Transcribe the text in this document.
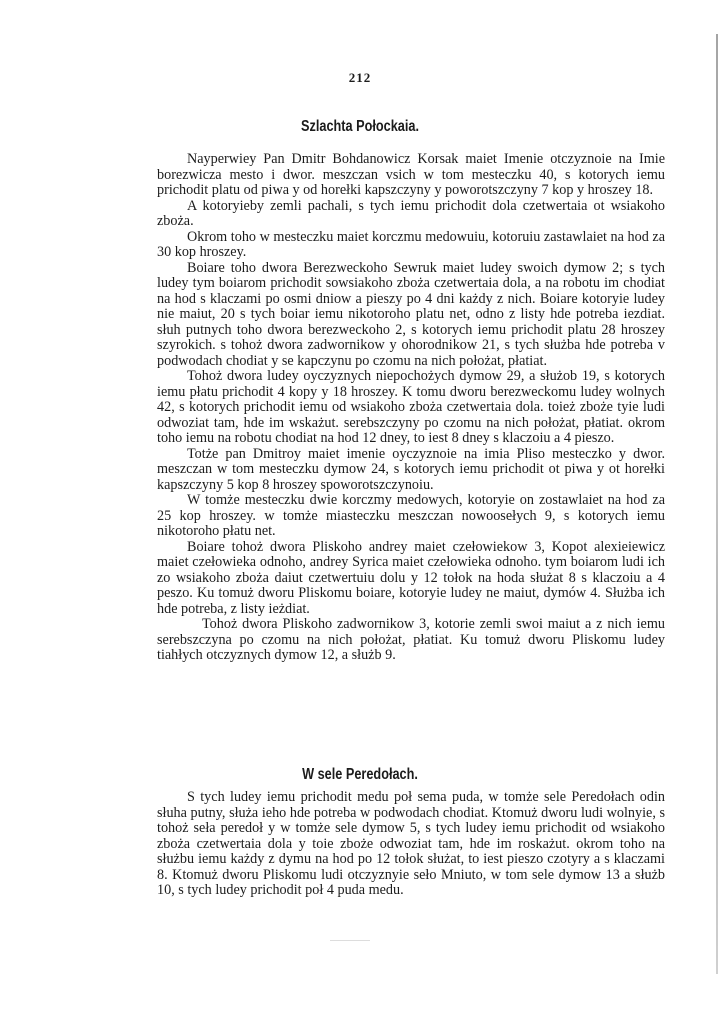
212
Szlachta Połockaia.

Nayperwiey Pan Dmitr Bohdanowicz Korsak maiet Imenie otczyznoie na Imie borezwicza mesto i dwor. meszczan vsich w tom mesteczku 40, s kotorych iemu prichodit platu od piwa y od horełki kapszczyny y poworotszczyny 7 kop y hroszey 18.

A kotoryieby zemli pachali, s tych iemu prichodit dola czetwertaia ot wsiakoho zboża.

Okrom toho w mesteczku maiet korczmu medowuiu, kotoruiu zastawlaiet na hod za 30 kop hroszey.

Boiare toho dwora Berezweckoho Sewruk maiet ludey swoich dymow 2; s tych ludey tym boiarom prichodit sowsiakoho zboża czetwertaia dola, a na robotu im chodiat na hod s klaczami po osmi dniow a pieszy po 4 dni każdy z nich. Boiare kotoryie ludey nie maiut, 20 s tych boiar iemu nikotoroho platu net, odno z listy hde potreba iezdiat. słuh putnych toho dwora berezweckoho 2, s kotorych iemu prichodit platu 28 hroszey szyrokich. s tohoż dwora zadwornikow y ohorodnikow 21, s tych służba hde potreba v podwodach chodiat y se kapczynu po czomu na nich położat, płatiat.

Tohoż dwora ludey oyczyznych niepochożych dymow 29, a służob 19, s kotorych iemu płatu prichodit 4 kopy y 18 hroszey. K tomu dworu berezweckomu ludey wolnych 42, s kotorych prichodit iemu od wsiakoho zboża czetwertaia dola. toież zboże tyie ludi odwoziat tam, hde im wskażut. serebszczyny po czomu na nich położat, płatiat. okrom toho iemu na robotu chodiat na hod 12 dney, to iest 8 dney s klaczoiu a 4 pieszo.

Totże pan Dmitroy maiet imenie oyczyznoie na imia Pliso mesteczko y dwor. meszczan w tom mesteczku dymow 24, s kotorych iemu prichodit ot piwa y ot horełki kapszczyny 5 kop 8 hroszey spoworotszczynoiu.

W tomże mesteczku dwie korczmy medowych, kotoryie on zostawlaiet na hod za 25 kop hroszey. w tomże miasteczku meszczan nowoosełych 9, s kotorych iemu nikotoroho płatu net.

Boiare tohoż dwora Pliskoho andrey maiet czełowiekow 3, Kopot alexieiewicz maiet czełowieka odnoho, andrey Syrica maiet czełowieka odnoho. tym boiarom ludi ich zo wsiakoho zboża daiut czetwertuiu dolu y 12 tołok na hoda służat 8 s klaczoiu a 4 peszo. Ku tomuż dworu Pliskomu boiare, kotoryie ludey ne maiut, dymów 4. Służba ich hde potreba, z listy ieżdiat.

Tohoż dwora Pliskoho zadwornikow 3, kotorie zemli swoi maiut a z nich iemu serebszczyna po czomu na nich położat, płatiat. Ku tomuż dworu Pliskomu ludey tiahłych otczyznych dymow 12, a służb 9.

W sele Peredołach.

S tych ludey iemu prichodit medu poł sema puda, w tomże sele Peredołach odin słuha putny, służa ieho hde potreba w podwodach chodiat. Ktomuż dworu ludi wolnyie, s tohoż seła peredoł y w tomże sele dymow 5, s tych ludey iemu prichodit od wsiakoho zboża czetwertaia dola y toie zboże odwoziat tam, hde im roskażut. okrom toho na służbu iemu każdy z dymu na hod po 12 tołok służat, to iest pieszo czotyry a s klaczami 8. Ktomuż dworu Pliskomu ludi otczyznyie seło Mniuto, w tom sele dymow 13 a służb 10, s tych ludey prichodit poł 4 puda medu.
